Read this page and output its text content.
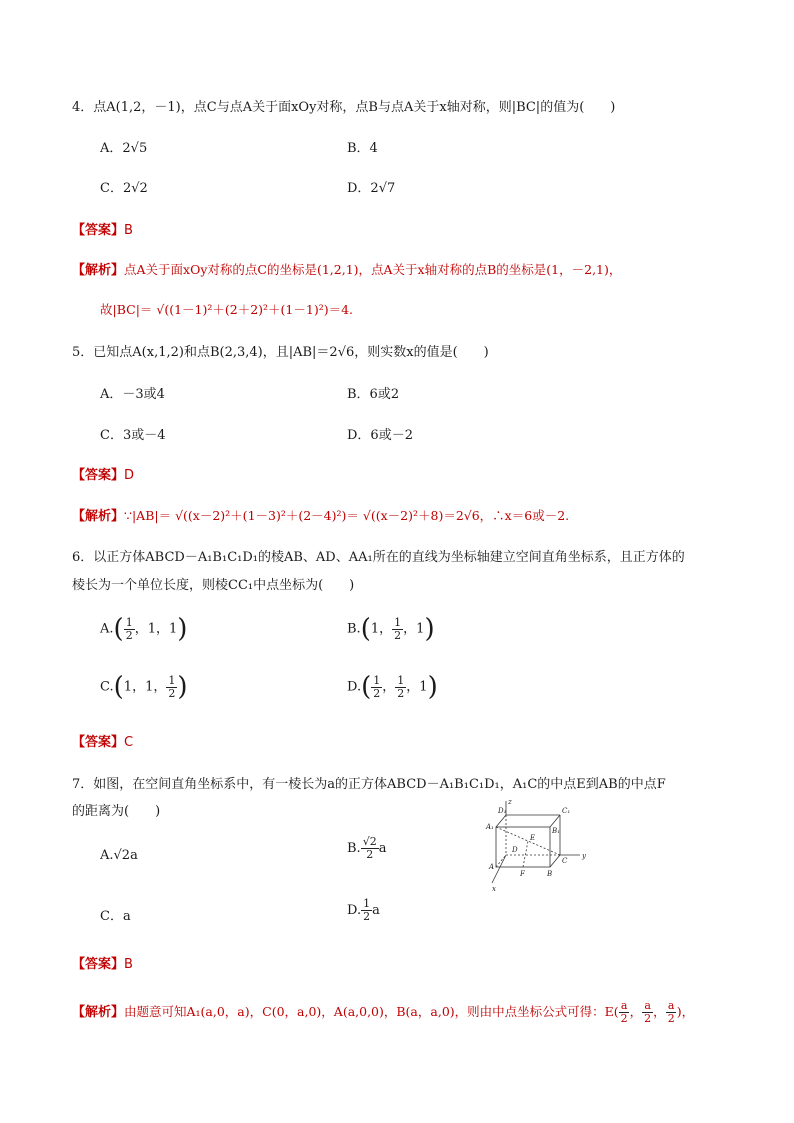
4．点A(1,2，－1)，点C与点A关于面xOy对称，点B与点A关于x轴对称，则|BC|的值为(　　)
A．2√5	B．4
C．2√2	D．2√7
【答案】B
【解析】点A关于面xOy对称的点C的坐标是(1,2,1)，点A关于x轴对称的点B的坐标是(1，－2,1)，
故|BC|＝ √((1－1)²＋(2＋2)²＋(1－1)²)＝4.
5．已知点A(x,1,2)和点B(2,3,4)，且|AB|＝2√6，则实数x的值是(　　)
A．－3或4	B．6或2
C．3或－4	D．6或－2
【答案】D
【解析】∵|AB|＝ √((x－2)²＋(1－3)²＋(2－4)²)＝ √((x－2)²＋8)＝2√6，∴x＝6或－2.
6．以正方体ABCD－A₁B₁C₁D₁的棱AB、AD、AA₁所在的直线为坐标轴建立空间直角坐标系，且正方体的
棱长为一个单位长度，则棱CC₁中点坐标为(　　)
$A.( \frac{1}{2}$ ，1，1)	B.(1， $\frac{1}{2}$ ，1)
C.(1，1， $\frac{1}{2}$ )	$D.( \frac{1}{2}$ ， $\frac{1}{2}$ ，1)
【答案】C
7．如图，在空间直角坐标系中，有一棱长为a的正方体ABCD－A₁B₁C₁D₁，A₁C的中点E到AB的中点F
的距离为(　　)
A.√2a	B. $\frac{√2}{2}$ a
C．a	D. $\frac{1}{2}$ a
z
y
x
D₁	C₁
A₁	B₁
E
D
A
F	B
C
【答案】B
【解析】由题意可知A₁(a,0，a)，C(0，a,0)，A(a,0,0)，B(a，a,0)，则由中点坐标公式可得：$E( \frac{a}{2}$ ， $\frac{a}{2}$ ， $\frac{a}{2}$ )，
